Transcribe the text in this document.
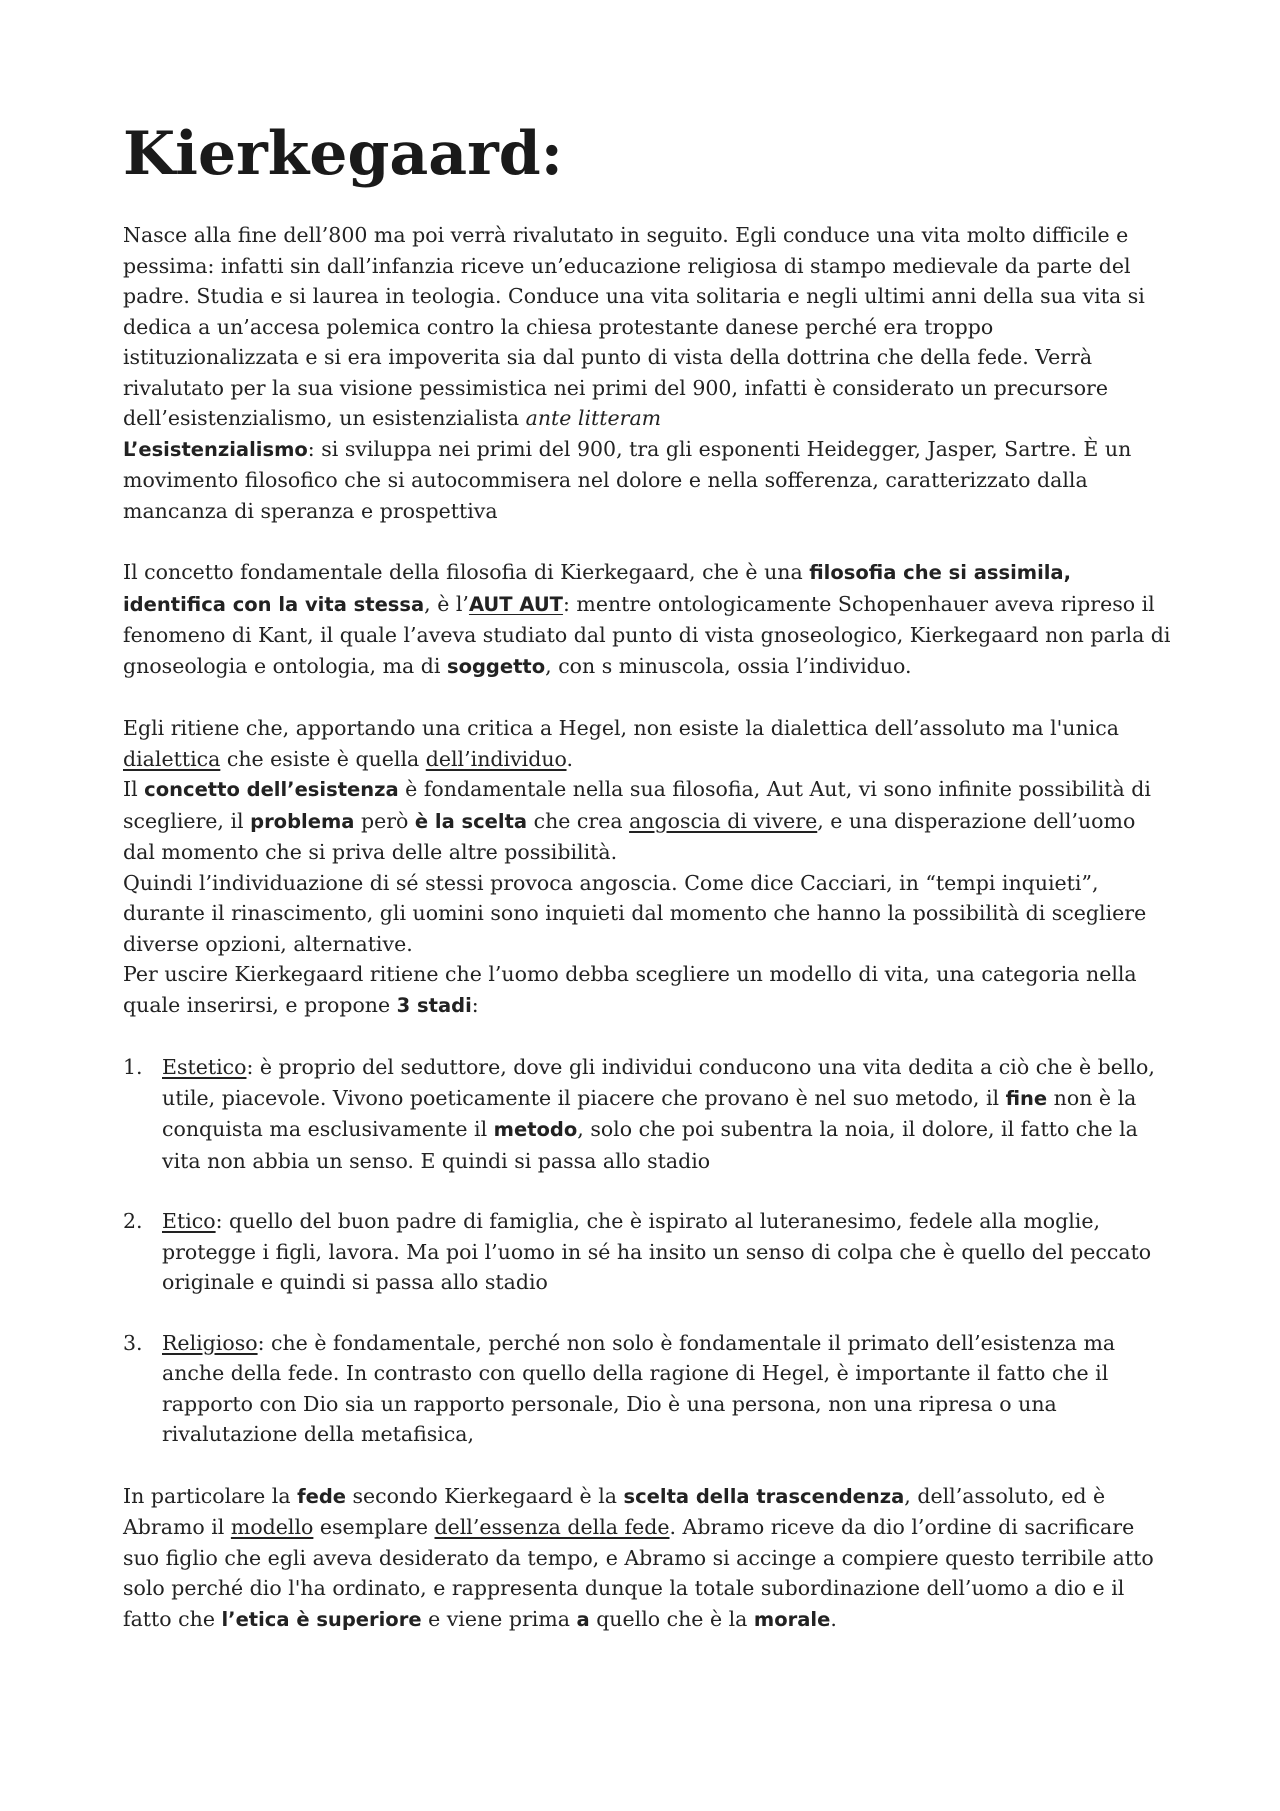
Kierkegaard:

Nasce alla fine dell’800 ma poi verrà rivalutato in seguito. Egli conduce una vita molto difficile e pessima: infatti sin dall’infanzia riceve un’educazione religiosa di stampo medievale da parte del padre. Studia e si laurea in teologia. Conduce una vita solitaria e negli ultimi anni della sua vita si dedica a un’accesa polemica contro la chiesa protestante danese perché era troppo istituzionalizzata e si era impoverita sia dal punto di vista della dottrina che della fede. Verrà rivalutato per la sua visione pessimistica nei primi del 900, infatti è considerato un precursore dell’esistenzialismo, un esistenzialista ante litteram

L’esistenzialismo: si sviluppa nei primi del 900, tra gli esponenti Heidegger, Jasper, Sartre. È un movimento filosofico che si autocommisera nel dolore e nella sofferenza, caratterizzato dalla mancanza di speranza e prospettiva

Il concetto fondamentale della filosofia di Kierkegaard, che è una filosofia che si assimila, identifica con la vita stessa, è l’AUT AUT: mentre ontologicamente Schopenhauer aveva ripreso il fenomeno di Kant, il quale l’aveva studiato dal punto di vista gnoseologico, Kierkegaard non parla di gnoseologia e ontologia, ma di soggetto, con s minuscola, ossia l’individuo.

Egli ritiene che, apportando una critica a Hegel, non esiste la dialettica dell’assoluto ma l'unica dialettica che esiste è quella dell’individuo.

Il concetto dell’esistenza è fondamentale nella sua filosofia, Aut Aut, vi sono infinite possibilità di scegliere, il problema però è la scelta che crea angoscia di vivere, e una disperazione dell’uomo dal momento che si priva delle altre possibilità.

Quindi l’individuazione di sé stessi provoca angoscia. Come dice Cacciari, in “tempi inquieti”, durante il rinascimento, gli uomini sono inquieti dal momento che hanno la possibilità di scegliere diverse opzioni, alternative.

Per uscire Kierkegaard ritiene che l’uomo debba scegliere un modello di vita, una categoria nella quale inserirsi, e propone 3 stadi:

1. Estetico: è proprio del seduttore, dove gli individui conducono una vita dedita a ciò che è bello, utile, piacevole. Vivono poeticamente il piacere che provano è nel suo metodo, il fine non è la conquista ma esclusivamente il metodo, solo che poi subentra la noia, il dolore, il fatto che la vita non abbia un senso. E quindi si passa allo stadio
2. Etico: quello del buon padre di famiglia, che è ispirato al luteranesimo, fedele alla moglie, protegge i figli, lavora. Ma poi l’uomo in sé ha insito un senso di colpa che è quello del peccato originale e quindi si passa allo stadio
3. Religioso: che è fondamentale, perché non solo è fondamentale il primato dell’esistenza ma anche della fede. In contrasto con quello della ragione di Hegel, è importante il fatto che il rapporto con Dio sia un rapporto personale, Dio è una persona, non una ripresa o una rivalutazione della metafisica,

In particolare la fede secondo Kierkegaard è la scelta della trascendenza, dell’assoluto, ed è Abramo il modello esemplare dell’essenza della fede. Abramo riceve da dio l’ordine di sacrificare suo figlio che egli aveva desiderato da tempo, e Abramo si accinge a compiere questo terribile atto solo perché dio l'ha ordinato, e rappresenta dunque la totale subordinazione dell’uomo a dio e il fatto che l’etica è superiore e viene prima a quello che è la morale.
